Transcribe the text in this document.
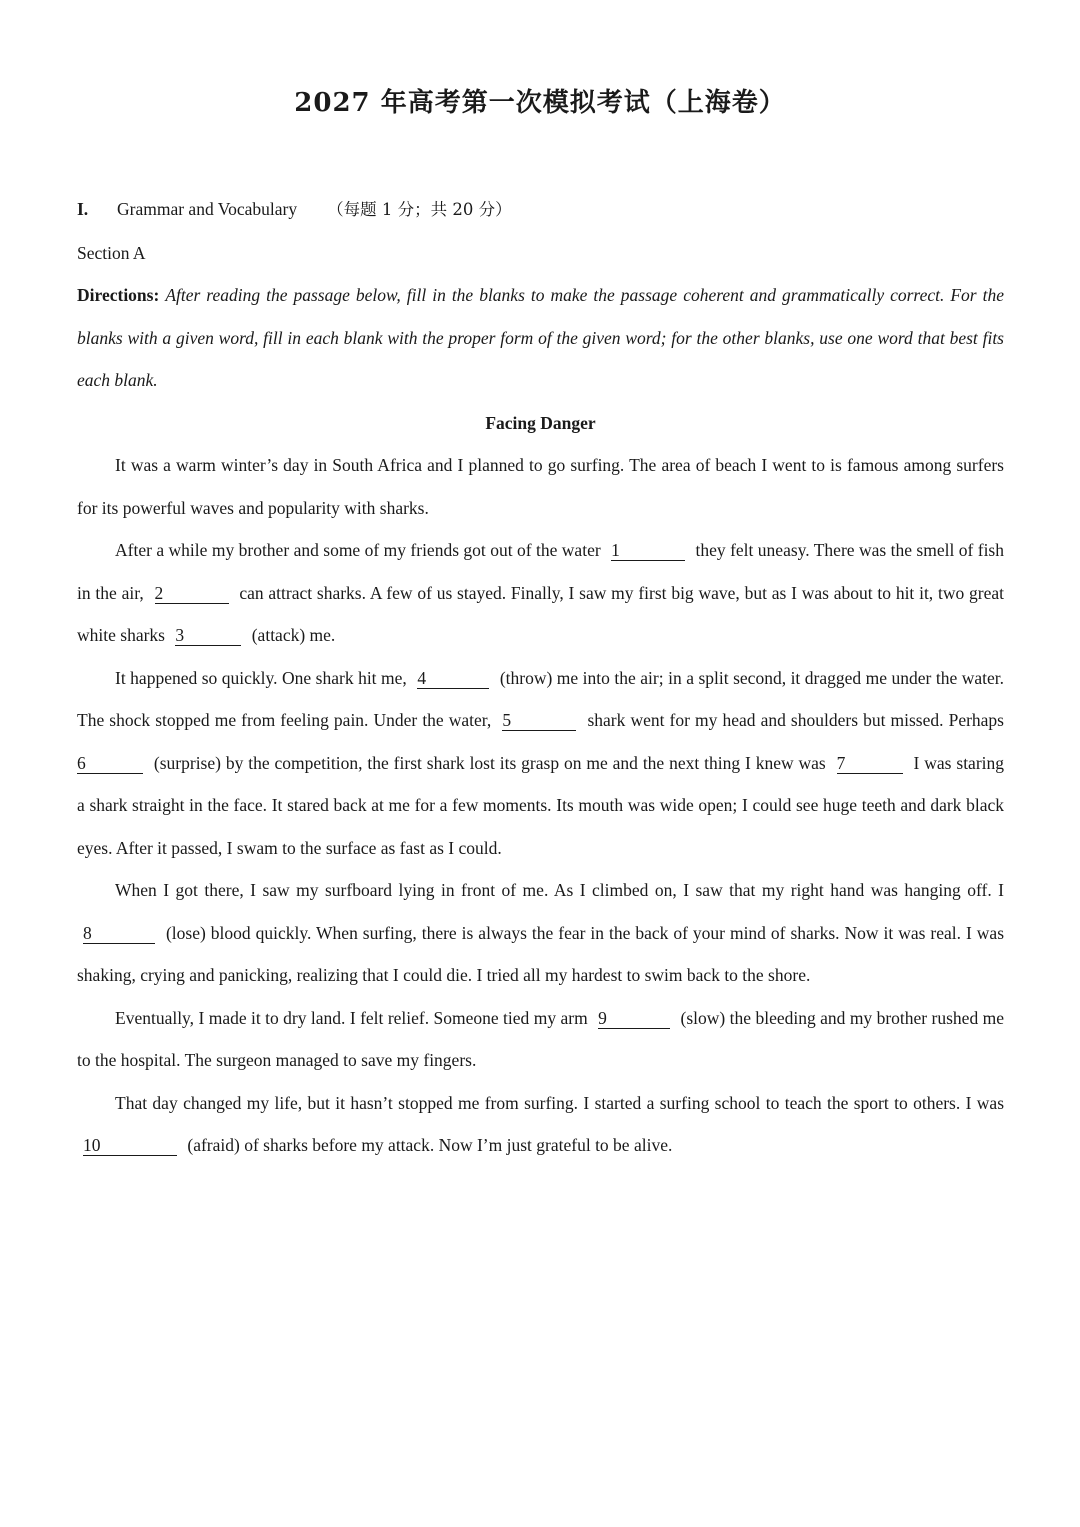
2027 年高考第一次模拟考试（上海卷）
I. Grammar and Vocabulary （每题 1 分；共 20 分）
Section A
Directions: After reading the passage below, fill in the blanks to make the passage coherent and grammatically correct. For the blanks with a given word, fill in each blank with the proper form of the given word; for the other blanks, use one word that best fits each blank.
Facing Danger
It was a warm winter’s day in South Africa and I planned to go surfing. The area of beach I went to is famous among surfers for its powerful waves and popularity with sharks.
After a while my brother and some of my friends got out of the water 1	they felt uneasy. There was the smell of fish in the air, 2	can attract sharks. A few of us stayed. Finally, I saw my first big wave, but as I was about to hit it, two great white sharks 3	(attack) me.
It happened so quickly. One shark hit me, 4	(throw) me into the air; in a split second, it dragged me under the water. The shock stopped me from feeling pain. Under the water, 5	shark went for my head and shoulders but missed. Perhaps6	(surprise) by the competition, the first shark lost its grasp on me and the next thing I knew was 7	I was staring a shark straight in the face. It stared back at me for a few moments. Its mouth was wide open; I could see huge teeth and dark black eyes. After it passed, I swam to the surface as fast as I could.
When I got there, I saw my surfboard lying in front of me. As I climbed on, I saw that my right hand was hanging off. I 8	(lose) blood quickly. When surfing, there is always the fear in the back of your mind of sharks. Now it was real. I was shaking, crying and panicking, realizing that I could die. I tried all my hardest to swim back to the shore.
Eventually, I made it to dry land. I felt relief. Someone tied my arm 9	(slow) the bleeding and my brother rushed me to the hospital. The surgeon managed to save my fingers.
That day changed my life, but it hasn’t stopped me from surfing. I started a surfing school to teach the sport to others. I was 10	(afraid) of sharks before my attack. Now I’m just grateful to be alive.
